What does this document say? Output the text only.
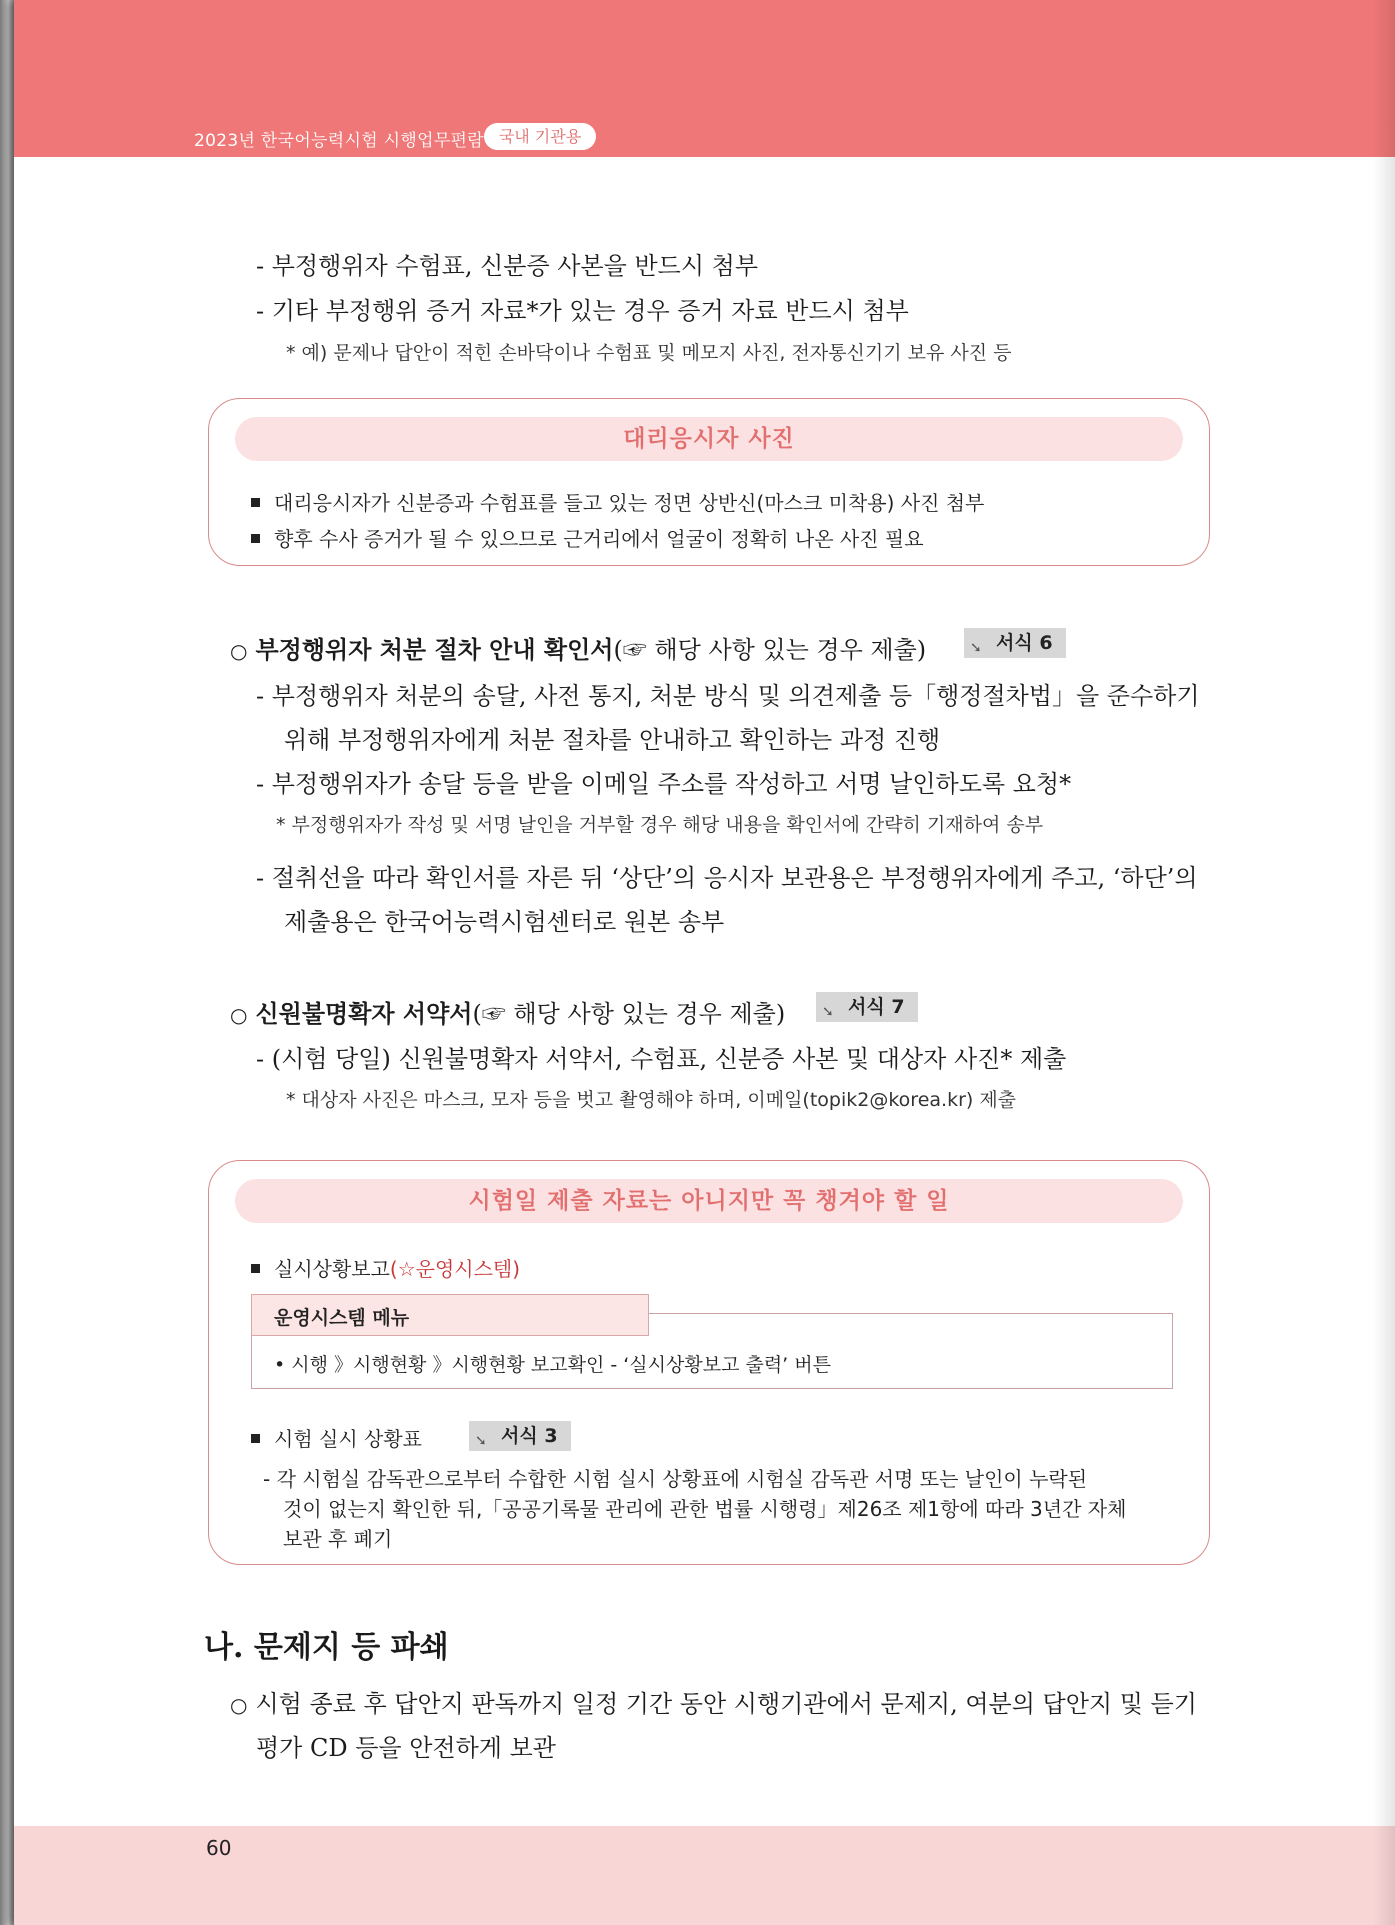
2023년 한국어능력시험 시행업무편람 국내 기관용
- 부정행위자 수험표, 신분증 사본을 반드시 첨부
- 기타 부정행위 증거 자료*가 있는 경우 증거 자료 반드시 첨부
* 예) 문제나 답안이 적힌 손바닥이나 수험표 및 메모지 사진, 전자통신기기 보유 사진 등
대리응시자 사진
대리응시자가 신분증과 수험표를 들고 있는 정면 상반신(마스크 미착용) 사진 첨부
향후 수사 증거가 될 수 있으므로 근거리에서 얼굴이 정확히 나온 사진 필요
○ 부정행위자 처분 절차 안내 확인서(☞ 해당 사항 있는 경우 제출)	➘ 서식 6
- 부정행위자 처분의 송달, 사전 통지, 처분 방식 및 의견제출 등「행정절차법」을 준수하기
위해 부정행위자에게 처분 절차를 안내하고 확인하는 과정 진행
- 부정행위자가 송달 등을 받을 이메일 주소를 작성하고 서명 날인하도록 요청*
* 부정행위자가 작성 및 서명 날인을 거부할 경우 해당 내용을 확인서에 간략히 기재하여 송부
- 절취선을 따라 확인서를 자른 뒤 ‘상단’의 응시자 보관용은 부정행위자에게 주고, ‘하단’의
제출용은 한국어능력시험센터로 원본 송부
○ 신원불명확자 서약서(☞ 해당 사항 있는 경우 제출)	➘ 서식 7
- (시험 당일) 신원불명확자 서약서, 수험표, 신분증 사본 및 대상자 사진* 제출
* 대상자 사진은 마스크, 모자 등을 벗고 촬영해야 하며, 이메일(topik2@korea.kr) 제출
시험일 제출 자료는 아니지만 꼭 챙겨야 할 일
실시상황보고(☆운영시스템)
• 시행 》시행현황 》시행현황 보고확인 - ‘실시상황보고 출력’ 버튼
운영시스템 메뉴
시험 실시 상황표	➘ 서식 3
- 각 시험실 감독관으로부터 수합한 시험 실시 상황표에 시험실 감독관 서명 또는 날인이 누락된
것이 없는지 확인한 뒤,「공공기록물 관리에 관한 법률 시행령」제26조 제1항에 따라 3년간 자체
보관 후 폐기
나. 문제지 등 파쇄
○ 시험 종료 후 답안지 판독까지 일정 기간 동안 시행기관에서 문제지, 여분의 답안지 및 듣기
평가 CD 등을 안전하게 보관
60
